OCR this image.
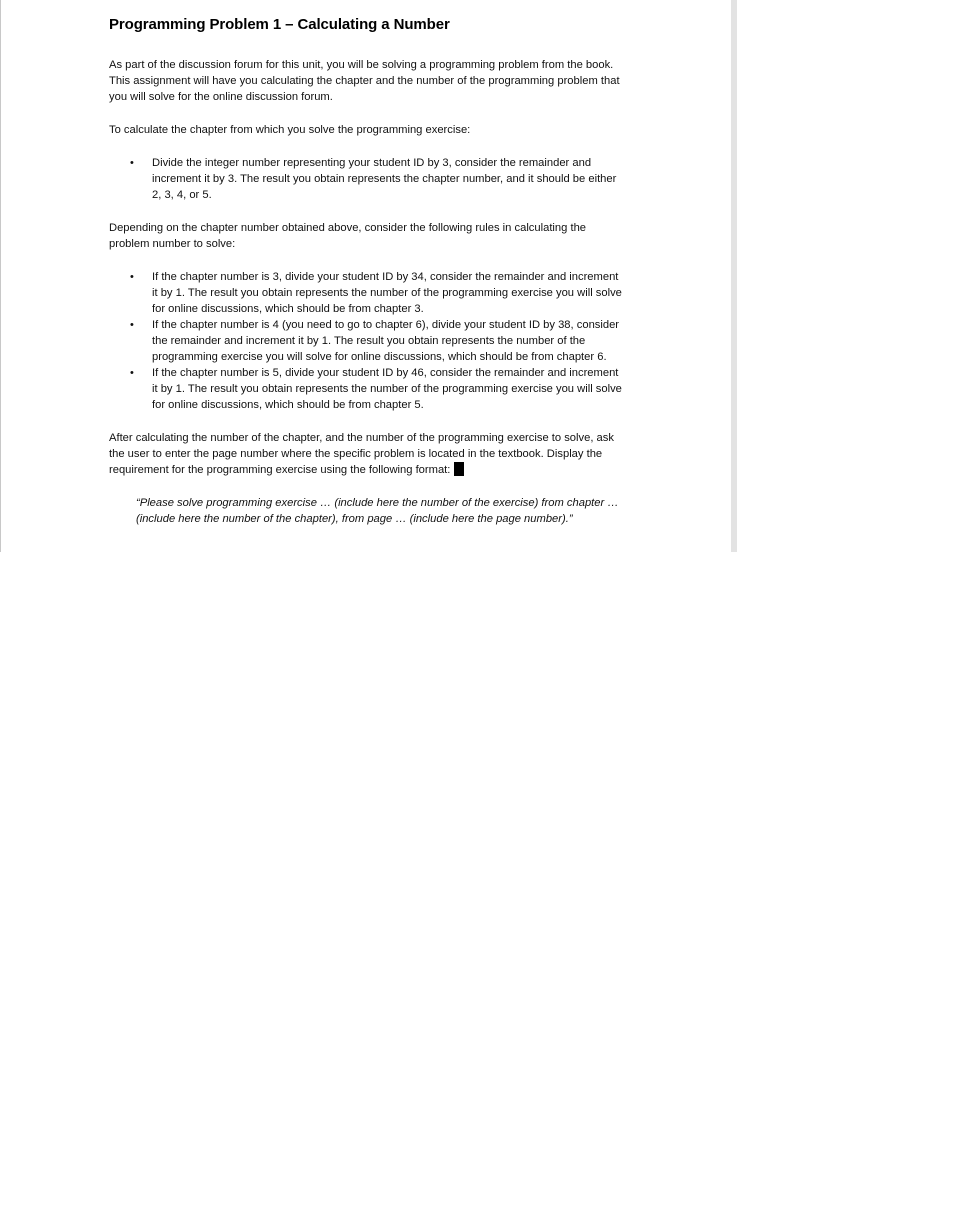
Programming Problem 1 – Calculating a Number

As part of the discussion forum for this unit, you will be solving a programming problem from the book. This assignment will have you calculating the chapter and the number of the programming problem that you will solve for the online discussion forum.

To calculate the chapter from which you solve the programming exercise:

• Divide the integer number representing your student ID by 3, consider the remainder and increment it by 3. The result you obtain represents the chapter number, and it should be either 2, 3, 4, or 5.

Depending on the chapter number obtained above, consider the following rules in calculating the problem number to solve:

• If the chapter number is 3, divide your student ID by 34, consider the remainder and increment it by 1. The result you obtain represents the number of the programming exercise you will solve for online discussions, which should be from chapter 3.
• If the chapter number is 4 (you need to go to chapter 6), divide your student ID by 38, consider the remainder and increment it by 1. The result you obtain represents the number of the programming exercise you will solve for online discussions, which should be from chapter 6.
• If the chapter number is 5, divide your student ID by 46, consider the remainder and increment it by 1. The result you obtain represents the number of the programming exercise you will solve for online discussions, which should be from chapter 5.

After calculating the number of the chapter, and the number of the programming exercise to solve, ask the user to enter the page number where the specific problem is located in the textbook. Display the requirement for the programming exercise using the following format:

“Please solve programming exercise … (include here the number of the exercise) from chapter … (include here the number of the chapter), from page … (include here the page number).”
